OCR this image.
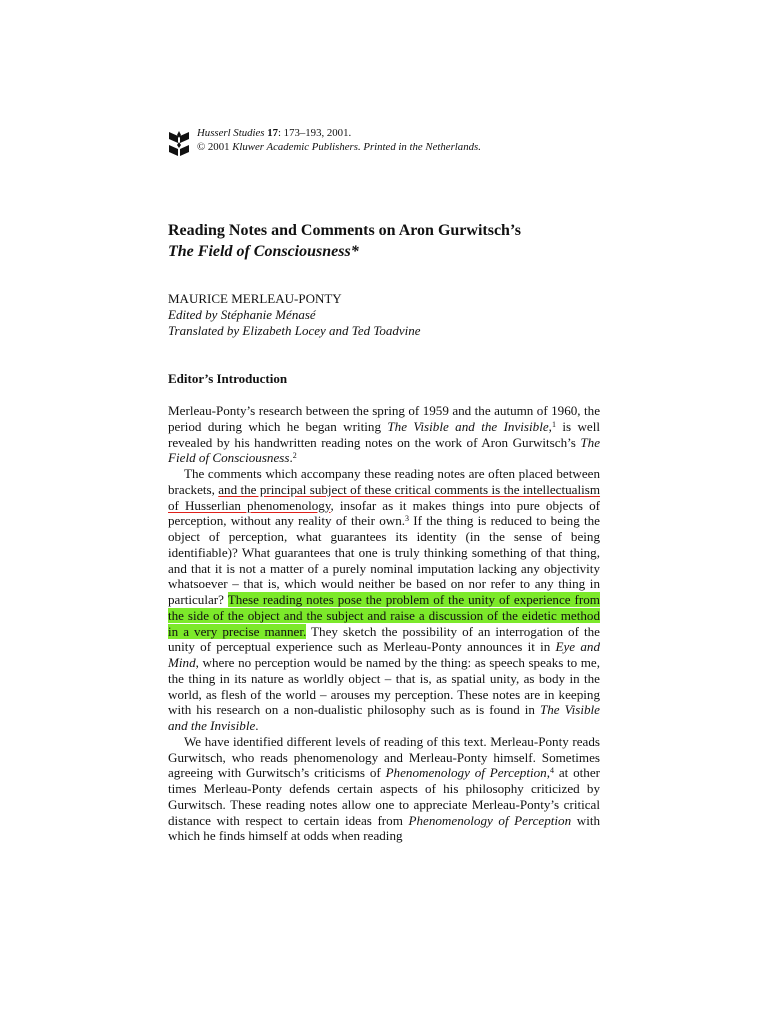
Husserl Studies 17: 173–193, 2001.
© 2001 Kluwer Academic Publishers. Printed in the Netherlands.
Reading Notes and Comments on Aron Gurwitsch’s
The Field of Consciousness*
MAURICE MERLEAU-PONTY
Edited by Stéphanie Ménasé
Translated by Elizabeth Locey and Ted Toadvine
Editor’s Introduction

Merleau-Ponty’s research between the spring of 1959 and the autumn of 1960, the period during which he began writing The Visible and the Invisible,$^1$ is well revealed by his handwritten reading notes on the work of Aron Gurwitsch’s The Field of Consciousness.$^2$

The comments which accompany these reading notes are often placed between brackets, and the principal subject of these critical comments is the intellectualism of Husserlian phenomenology, insofar as it makes things into pure objects of perception, without any reality of their own.$^3$ If the thing is reduced to being the object of perception, what guarantees its identity (in the sense of being identifiable)? What guarantees that one is truly thinking something of that thing, and that it is not a matter of a purely nominal imputation lacking any objectivity whatsoever – that is, which would neither be based on nor refer to any thing in particular? These reading notes pose the problem of the unity of experience from the side of the object and the subject and raise a discussion of the eidetic method in a very precise manner. They sketch the possibility of an interrogation of the unity of perceptual experience such as Merleau-Ponty announces it in Eye and Mind, where no perception would be named by the thing: as speech speaks to me, the thing in its nature as worldly object – that is, as spatial unity, as body in the world, as flesh of the world – arouses my perception. These notes are in keeping with his research on a non-dualistic philosophy such as is found in The Visible and the Invisible.

We have identified different levels of reading of this text. Merleau-Ponty reads Gurwitsch, who reads phenomenology and Merleau-Ponty himself. Sometimes agreeing with Gurwitsch’s criticisms of Phenomenology of Perception,$^4$ at other times Merleau-Ponty defends certain aspects of his philosophy criticized by Gurwitsch. These reading notes allow one to appreciate Merleau-Ponty’s critical distance with respect to certain ideas from Phenomenology of Perception with which he finds himself at odds when reading
